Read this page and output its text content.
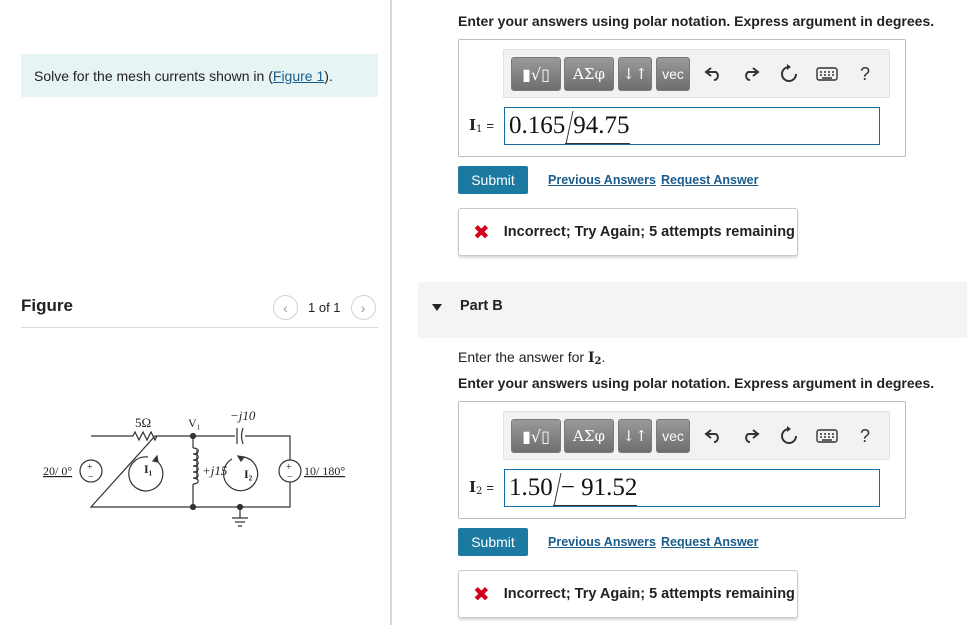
Solve for the mesh currents shown in (Figure 1).
Figure	‹ 1 of 1 ›
5Ω	V₁ −j10
+j15
I₁	I₂
20/ 0°	10/ 180°
+
−
+
−
Enter your answers using polar notation. Express argument in degrees.
▮√▯	ΑΣφ	↓↑	vec	?
$I_1 = 0.165$ 94.75
Submit	Previous Answers Request Answer
✖ Incorrect; Try Again; 5 attempts remaining
Part B
Enter the answer for $I_2$.
Enter your answers using polar notation. Express argument in degrees.
▮√▯	ΑΣφ	↓↑	vec	?
$I_2 = 1.50 - 91.52$
Submit	Previous Answers Request Answer
✖ Incorrect; Try Again; 5 attempts remaining
